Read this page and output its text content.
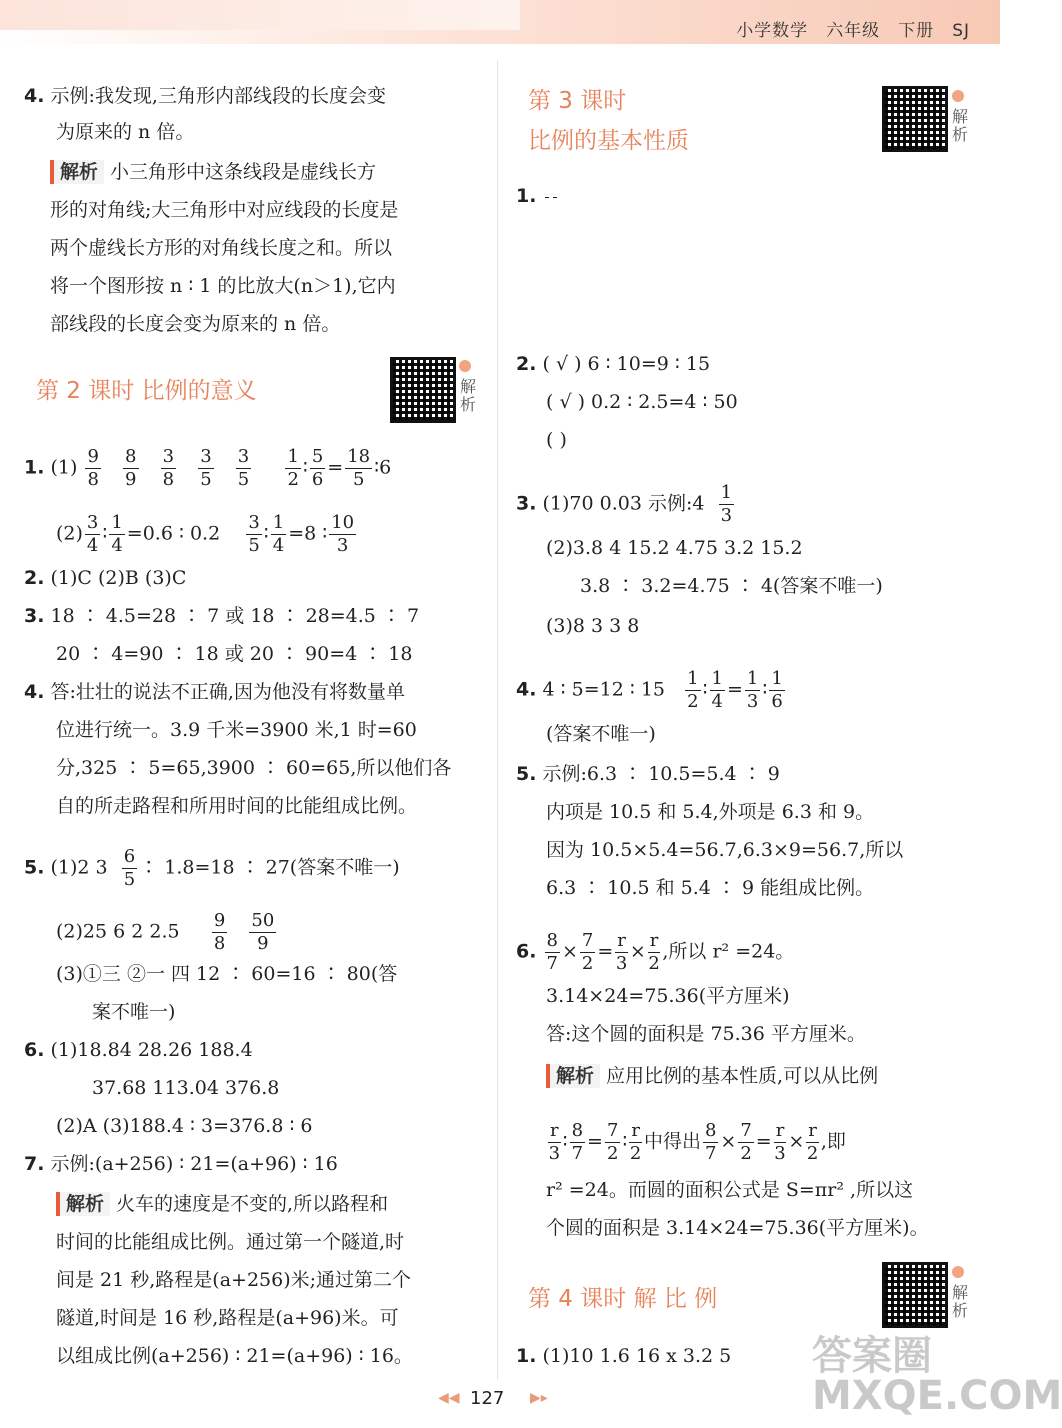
小学数学 六年级 下册 SJ
4. 示例:我发现,三角形内部线段的长度会变
为原来的 n 倍。
解析 小三角形中这条线段是虚线长方
形的对角线;大三角形中对应线段的长度是
两个虚线长方形的对角线长度之和。所以
将一个图形按 n ∶ 1 的比放大(n＞1),它内
部线段的长度会变为原来的 n 倍。
第 2 课时 比例的意义	解析
1. $(1) \frac{9}{8}$
$\frac{8}{9}$
$\frac{3}{8}$
$\frac{3}{5}$
$\frac{3}{5}$
$\frac{1}{2}$ ∶ $\frac{5}{6} = \frac{18}{5}$ ∶6
$(2) \frac{3}{4}$ ∶ $\frac{1}{4} =0.6$ ∶ $0.2 \frac{3}{5}$ ∶ $\frac{1}{4} =8$ ∶ $\frac{10}{3}$
2. (1)C (2)B (3)C
3. 18 ∶ 4.5=28 ∶ 7 或 18 ∶ 28=4.5 ∶ 7
20 ∶ 4=90 ∶ 18 或 20 ∶ 90=4 ∶ 18
4. 答:壮壮的说法不正确,因为他没有将数量单
位进行统一。3.9 千米=3900 米,1 时=60
分,325 ∶ 5=65,3900 ∶ 60=65,所以他们各
自的所走路程和所用时间的比能组成比例。
5. (1)2 $3 \frac{6}{5}$ ∶ 1.8=18 ∶ 27(答案不唯一)
(2)25 6 2 $2.5 \frac{9}{8}$
$\frac{50}{9}$
(3)①三 ②一 四 12 ∶ 60=16 ∶ 80(答
案不唯一)
6. (1)18.84 28.26 188.4
37.68 113.04 376.8
(2)A (3)188.4 ∶ 3=376.8 ∶ 6
7. 示例:(a+256) ∶ 21=(a+96) ∶ 16
解析 火车的速度是不变的,所以路程和
时间的比能组成比例。通过第一个隧道,时
间是 21 秒,路程是(a+256)米;通过第二个
隧道,时间是 16 秒,路程是(a+96)米。可
以组成比例(a+256) ∶ 21=(a+96) ∶ 16。
第 3 课时
比例的基本性质
解析
1.
2. ( √ ) 6 ∶ 10=9 ∶ 15
( √ ) 0.2 ∶ 2.5=4 ∶ 50
( )
3. (1)70 0.03 示例:4 $\frac{1}{3}$
(2)3.8 4 15.2 4.75 3.2 15.2
3.8 ∶ 3.2=4.75 ∶ 4(答案不唯一)
(3)8 3 3 8
4. 4 ∶ 5=12 ∶ $15 \frac{1}{2}$ ∶ $\frac{1}{4} = \frac{1}{3}$ ∶ $\frac{1}{6}$
(答案不唯一)
5. 示例:6.3 ∶ 10.5=5.4 ∶ 9
内项是 10.5 和 5.4,外项是 6.3 和 9。
因为 10.5×5.4=56.7,6.3×9=56.7,所以
6.3 ∶ 10.5 和 5.4 ∶ 9 能组成比例。
6. $\frac{8}{7} \times \frac{7}{2} = \frac{r}{3} \times \frac{r}{2}$ ,所以 r² =24。
3.14×24=75.36(平方厘米)
答:这个圆的面积是 75.36 平方厘米。
解析 应用比例的基本性质,可以从比例
$\frac{r}{3}$ ∶ $\frac{8}{7} = \frac{7}{2}$ ∶ $\frac{r}{2}$ 中得出 $\frac{8}{7} \times \frac{7}{2} = \frac{r}{3} \times \frac{r}{2}$ ,即
r² =24。而圆的面积公式是 S=πr² ,所以这
个圆的面积是 3.14×24=75.36(平方厘米)。
第 4 课时 解 比 例	解析
1. (1)10 1.6 16 x 3.2 5
◀◀ 127 ▶▸
答案圈 MXQE.COM
